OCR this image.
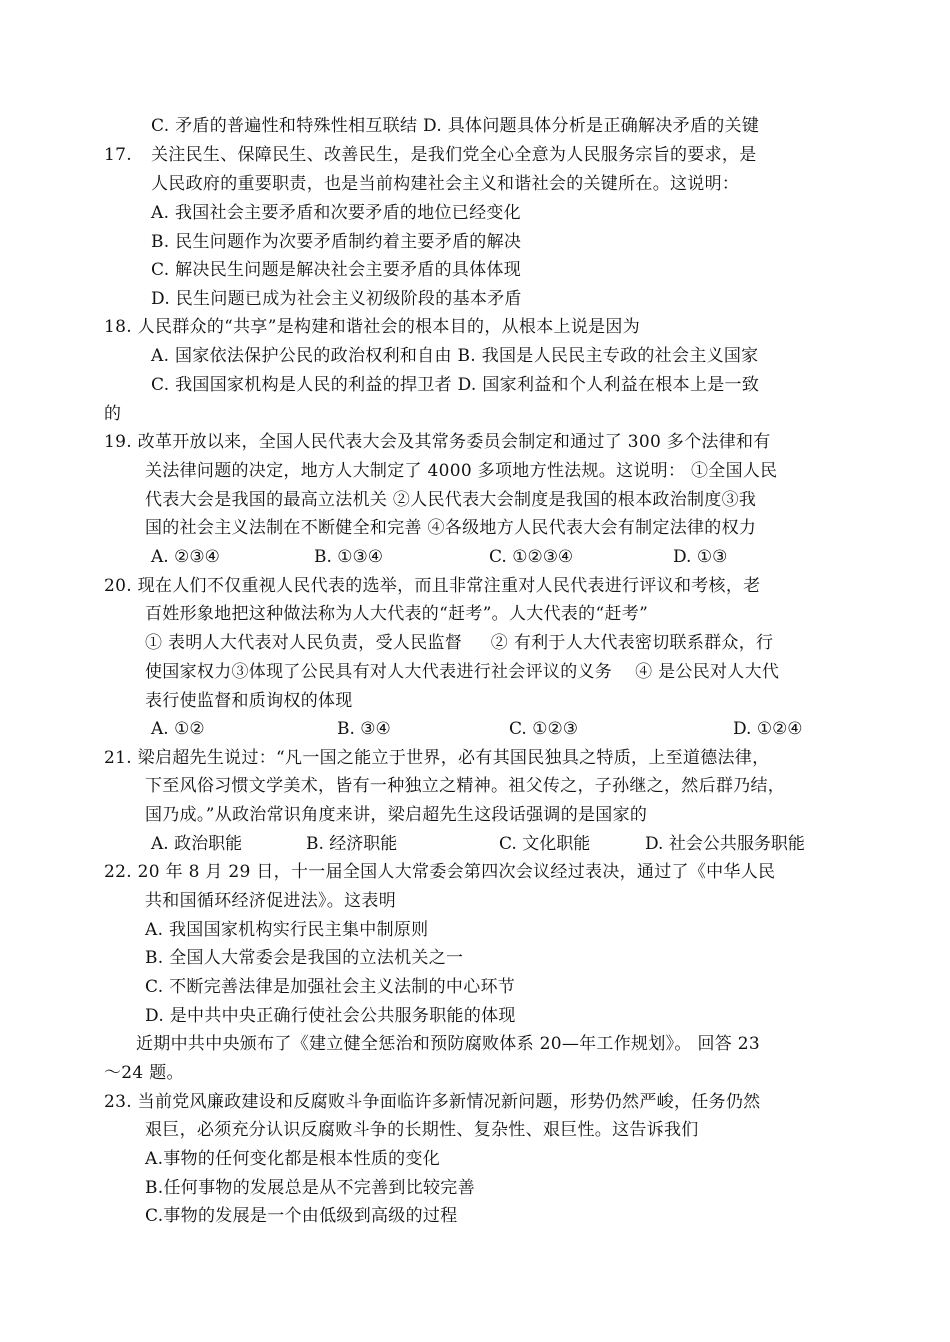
C. 矛盾的普遍性和特殊性相互联结 D. 具体问题具体分析是正确解决矛盾的关键
17. 关注民生、保障民生、改善民生，是我们党全心全意为人民服务宗旨的要求，是
人民政府的重要职责，也是当前构建社会主义和谐社会的关键所在。这说明：
A. 我国社会主要矛盾和次要矛盾的地位已经变化
B. 民生问题作为次要矛盾制约着主要矛盾的解决
C. 解决民生问题是解决社会主要矛盾的具体体现
D. 民生问题已成为社会主义初级阶段的基本矛盾
18. 人民群众的“共享”是构建和谐社会的根本目的，从根本上说是因为
A. 国家依法保护公民的政治权利和自由 B. 我国是人民民主专政的社会主义国家
C. 我国国家机构是人民的利益的捍卫者 D. 国家利益和个人利益在根本上是一致
的
19. 改革开放以来，全国人民代表大会及其常务委员会制定和通过了 300 多个法律和有
关法律问题的决定，地方人大制定了 4000 多项地方性法规。这说明： ①全国人民
代表大会是我国的最高立法机关 ②人民代表大会制度是我国的根本政治制度③我
国的社会主义法制在不断健全和完善 ④各级地方人民代表大会有制定法律的权力
A. ②③④	B. ①③④	C. ①②③④	D. ①③
20. 现在人们不仅重视人民代表的选举，而且非常注重对人民代表进行评议和考核，老
百姓形象地把这种做法称为人大代表的“赶考”。人大代表的“赶考”
① 表明人大代表对人民负责，受人民监督 　 ② 有利于人大代表密切联系群众，行
使国家权力③体现了公民具有对人大代表进行社会评议的义务 　④ 是公民对人大代
表行使监督和质询权的体现
A. ①②	B. ③④	C. ①②③	D. ①②④
21. 梁启超先生说过：“凡一国之能立于世界，必有其国民独具之特质，上至道德法律，
下至风俗习惯文学美术，皆有一种独立之精神。祖父传之，子孙继之，然后群乃结，
国乃成。”从政治常识角度来讲，梁启超先生这段话强调的是国家的
A. 政治职能	B. 经济职能	C. 文化职能	D. 社会公共服务职能
22. 20 年 8 月 29 日，十一届全国人大常委会第四次会议经过表决，通过了《中华人民
共和国循环经济促进法》。这表明
A. 我国国家机构实行民主集中制原则
B. 全国人大常委会是我国的立法机关之一
C. 不断完善法律是加强社会主义法制的中心环节
D. 是中共中央正确行使社会公共服务职能的体现
近期中共中央颁布了《建立健全惩治和预防腐败体系 20—年工作规划》。 回答 23
～24 题。
23. 当前党风廉政建设和反腐败斗争面临许多新情况新问题，形势仍然严峻，任务仍然
艰巨，必须充分认识反腐败斗争的长期性、复杂性、艰巨性。这告诉我们
A.事物的任何变化都是根本性质的变化
B.任何事物的发展总是从不完善到比较完善
C.事物的发展是一个由低级到高级的过程
